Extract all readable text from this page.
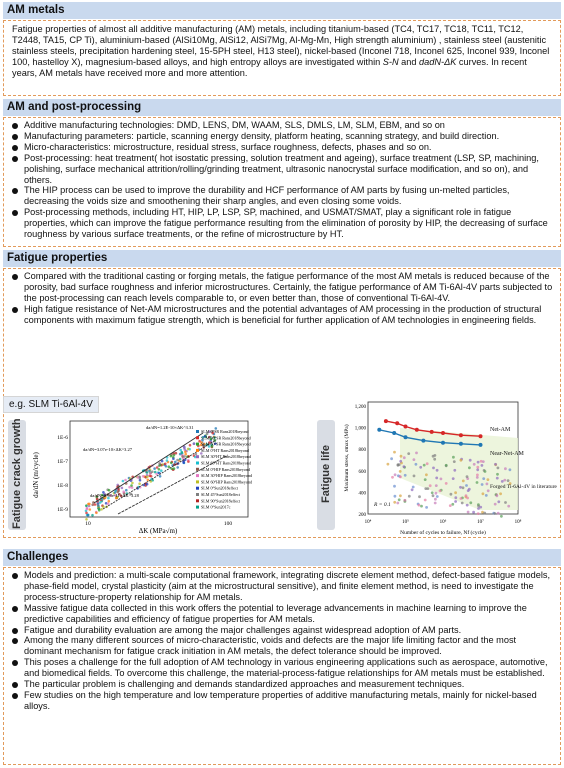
AM metals
Fatigue properties of almost all additive manufacturing (AM) metals, including titanium-based (TC4, TC17, TC18, TC11, TC12, T2448, TA15, CP Ti), aluminium-based (AlSi10Mg, AlSi12, AlSi7Mg, Al-Mg-Mn, High strength aluminium) , stainless steel (austenitic stainless steels, precipitation hardening steel, 15-5PH steel, H13 steel), nickel-based (Inconel 718, Inconel 625, Inconel 939, Inconel 100, hastelloy X), magnesium-based alloys, and high entropy alloys are investigated within S-N and dadN-ΔK curves. In recent years, AM metals have received more and more attention.
AM and post-processing
Additive manufacturing technologies: DMD, LENS, DM, WAAM, SLS, DMLS, LM, SLM, EBM, and so on
Manufacturing parameters: particle, scanning energy density, platform heating, scanning strategy, and build direction.
Micro-characteristics: microstructure, residual stress, surface roughness, defects, phases and so on.
Post-processing: heat treatment( hot isostatic pressing, solution treatment and ageing), surface treatment (LSP, SP, machining, polishing, surface mechanical attrition/rolling/grinding treatment, ultrasonic nanocrystal surface modification, and so on), and others.
The HIP process can be used to improve the durability and HCF performance of AM parts by fusing un-melted particles, decreasing the voids size and smoothening their sharp angles, and even closing some voids.
Post-processing methods, including HT, HIP, LP, LSP, SP, machined, and USMAT/SMAT, play a significant role in fatigue properties, which can improve the fatigue performance resulting from the elimination of porosity by HIP, the decreasing of surface roughness by various surface treatments, or the refine of microstructure by HT.
Fatigue properties
Compared with the traditional casting or forging metals, the fatigue performance of the most AM metals is reduced because of the porosity, bad surface roughness and inferior microstructures. Certainly, the fatigue performance of AM Ti-6Al-4V parts subjected to the post-processing can reach levels comparable to, or even better than, those of conventional Ti-6Al-4V.
High fatigue resistance of Net-AM microstructures and the potential advantages of AM processing in the production of structural components with maximum fatigue strength, which is beneficial for further application of AM technologies in engineering fields.
e.g. SLM Ti-6Al-4V
Fatigue crack growth	Fatigue life
1E-6
1E-7
1E-8
1E-9
10	100
da/dN (m/cycle)
ΔK (MPa√m)
da/dN=1.2E-10×ΔK^3.31
da/dN=3.07e-10×ΔK^3.27
da/dN=8.98e-11×ΔK^3.28
SLM 0°SR Rans2018beyond
SLM 30°SR Rans2018beyond
SLM 60°SR Rans2018beyond
SLM 0°HT Rans2018beyond
SLM 30°HT Rans2018beyond
SLM 60°HT Rans2018beyond
SLM 0°HIP Rans2018beyond
SLM 30°HIP Rans2018beyond
SLM 60°HIP Rans2018beyond
SLM 0°Sun2018effect
SLM 45°Sun2018effect
SLM 90°Sun2018effect
SLM 0°Sun2017c
1,200
1,000
800
600
400
200
10⁴	10⁵	10⁶	10⁷	10⁸
Maximum stress, σmax (MPa)
Number of cycles to failure, Nf (cycle)
Net-AM
Near-Net-AM
Forged Ti-6Al-4V in literature
R = 0.1
Challenges
Models and prediction: a multi-scale computational framework, integrating discrete element method, defect-based fatigue models, phase-field model, crystal plasticity (aim at the microstructural sensitive), and finite element method, is need to investigate the process-structure-property relationship for AM metals.
Massive fatigue data collected in this work offers the potential to leverage advancements in machine learning to improve the predictive capabilities and efficiency of fatigue properties for AM metals.
Fatigue and durability evaluation are among the major challenges against widespread adoption of AM parts.
Among the many different sources of micro-characteristic, voids and defects are the major life limiting factor and the most dominant mechanism for fatigue crack initiation in AM metals, the defect tolerance should be improved.
This poses a challenge for the full adoption of AM technology in various engineering applications such as aerospace, automotive, and biomedical fields. To overcome this challenge, the material-process-fatigue relationships for AM metals must be established.
The particular problem is challenging and demands standardized approaches and measurement techniques.
Few studies on the high temperature and low temperature properties of additive manufacturing metals, mainly for nickel-based alloys.
